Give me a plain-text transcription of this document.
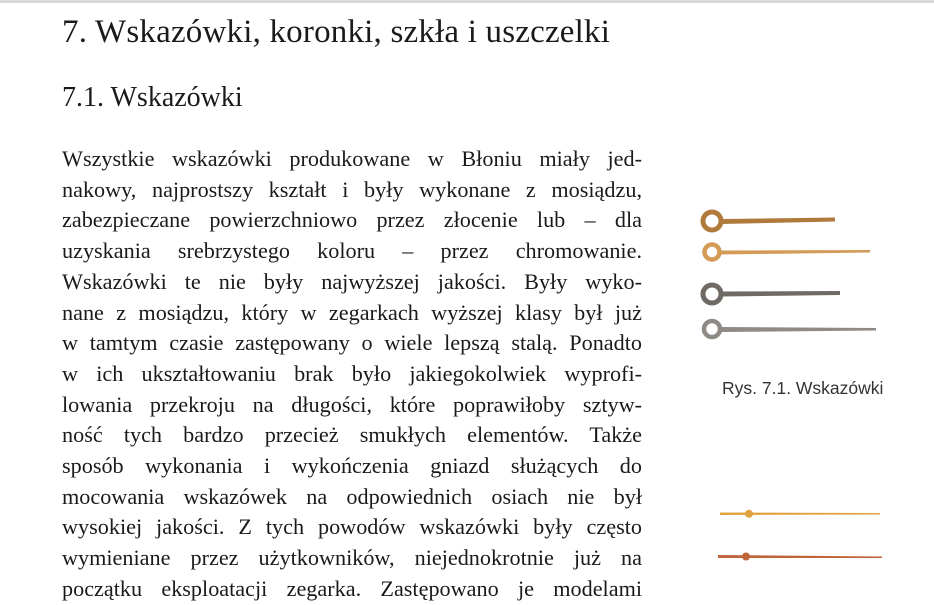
7. Wskazówki, koronki, szkła i uszczelki
7.1. Wskazówki

Wszystkie wskazówki produkowane w Błoniu miały jed-
nakowy, najprostszy kształt i były wykonane z mosiądzu,
zabezpieczane powierzchniowo przez złocenie lub – dla
uzyskania srebrzystego koloru – przez chromowanie.
Wskazówki te nie były najwyższej jakości. Były wyko-
nane z mosiądzu, który w zegarkach wyższej klasy był już
w tamtym czasie zastępowany o wiele lepszą stalą. Ponadto
w ich ukształtowaniu brak było jakiegokolwiek wyprofi-
lowania przekroju na długości, które poprawiłoby sztyw-
ność tych bardzo przecież smukłych elementów. Także
sposób wykonania i wykończenia gniazd służących do
mocowania wskazówek na odpowiednich osiach nie był
wysokiej jakości. Z tych powodów wskazówki były często
wymieniane przez użytkowników, niejednokrotnie już na
początku eksploatacji zegarka. Zastępowano je modelami

Rys. 7.1. Wskazówki
